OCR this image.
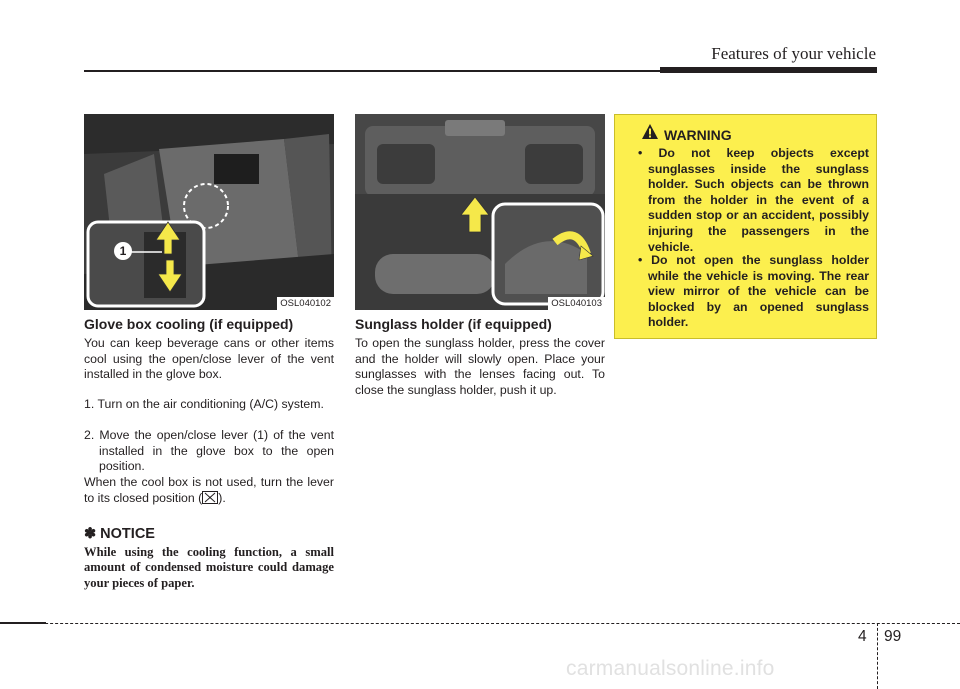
Features of your vehicle
1
OSL040102	OSL040103
Glove box cooling (if equipped)
You can keep beverage cans or other items cool using the open/close lever of the vent installed in the glove box.
1. Turn on the air conditioning (A/C) system.
2. Move the open/close lever (1) of the vent installed in the glove box to the open position.
When the cool box is not used, turn the lever to its closed position (☒).
✽ NOTICE
While using the cooling function, a small amount of condensed moisture could damage your pieces of paper.
Sunglass holder (if equipped)
To open the sunglass holder, press the cover and the holder will slowly open. Place your sunglasses with the lenses facing out. To close the sunglass holder, push it up.
WARNING
• Do not keep objects except sunglasses inside the sunglass holder. Such objects can be thrown from the holder in the event of a sudden stop or an accident, possibly injuring the passengers in the vehicle.
• Do not open the sunglass holder while the vehicle is moving. The rear view mirror of the vehicle can be blocked by an opened sunglass holder.
4 99
carmanualsonline.info
